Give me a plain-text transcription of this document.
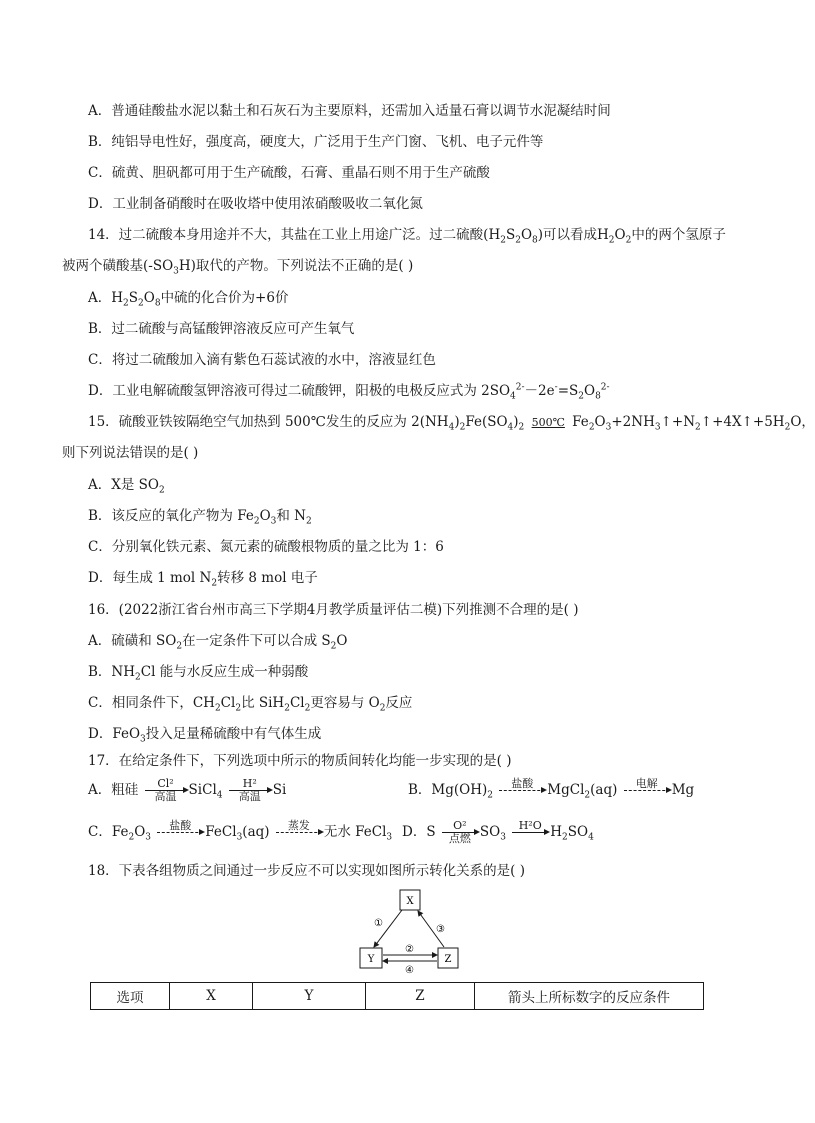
A．普通硅酸盐水泥以黏土和石灰石为主要原料，还需加入适量石膏以调节水泥凝结时间
B．纯铝导电性好，强度高，硬度大，广泛用于生产门窗、飞机、电子元件等
C．硫黄、胆矾都可用于生产硫酸，石膏、重晶石则不用于生产硫酸
D．工业制备硝酸时在吸收塔中使用浓硝酸吸收二氧化氮
14．过二硫酸本身用途并不大，其盐在工业上用途广泛。过二硫酸$(H_2S_2O_8)$可以看成$H_2O_2$中的两个氢原子
被两个磺酸基$(-SO_3H)$取代的产物。下列说法不正确的是( )
A．$H_2S_2O_8$中硫的化合价为+6价
B．过二硫酸与高锰酸钾溶液反应可产生氧气
C．将过二硫酸加入滴有紫色石蕊试液的水中，溶液显红色
D．工业电解硫酸氢钾溶液可得过二硫酸钾，阳极的电极反应式为 $2SO_4^{2-}-2e^-=S_2O_8^{2-}$
15．硫酸亚铁铵隔绝空气加热到 500℃发生的反应为 $2(NH_4)_2Fe(SO_4)_2$ 500℃ $Fe_2O_3+2NH_3↑+N_2↑+4X↑+5H_2O$，
则下列说法错误的是( )
A．X是 $SO_2$
B．该反应的氧化产物为 $Fe_2O_3$和 $N_2$
C．分别氧化铁元素、氮元素的硫酸根物质的量之比为 1：6
D．每生成 1 mol $N_2$转移 8 mol 电子
16．(2022浙江省台州市高三下学期4月教学质量评估二模)下列推测不合理的是( )
A．硫磺和 $SO_2$在一定条件下可以合成 $S_2O$
B．$NH_2Cl$ 能与水反应生成一种弱酸
C．相同条件下，$CH_2Cl_2$比 $SiH_2Cl_2$更容易与 $O_2$反应
D．FeO$_3$投入足量稀硫酸中有气体生成
17．在给定条件下，下列选项中所示的物质间转化均能一步实现的是( )
A．粗硅	Cl²
高温 SiCl$_4$
H²
高温 Si	B．$Mg(OH)_2$
盐酸
	MgCl$_2$(aq)	电解
	Mg
C．$Fe_2O_3$
盐酸
	FeCl$_3$(aq)	蒸发
	无水 FeCl$_3$ D．S	O²
点燃 $SO_3$
H²O
$H_2SO_4$
18．下表各组物质之间通过一步反应不可以实现如图所示转化关系的是( )
X
Y	Z
①
③
②
④
选项	X	Y	Z	箭头上所标数字的反应条件
